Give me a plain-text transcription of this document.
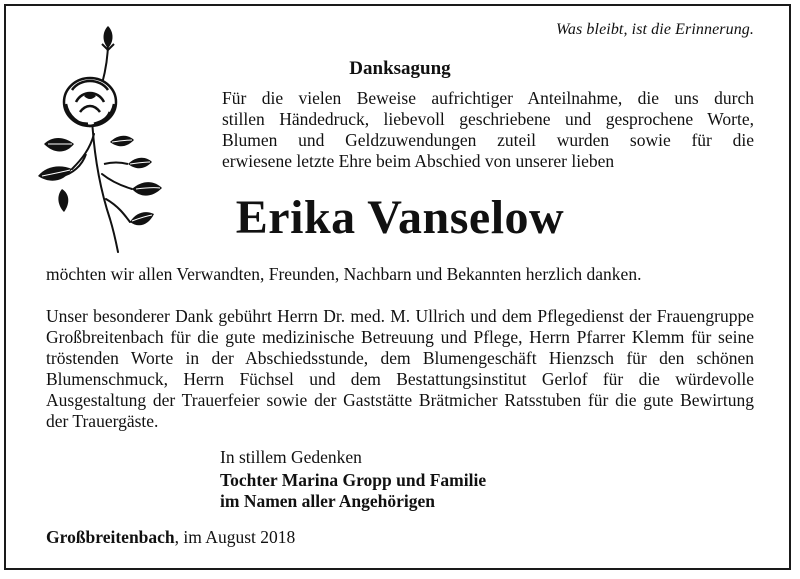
Was bleibt, ist die Erinnerung.
Danksagung

Für die vielen Beweise aufrichtiger Anteilnahme, die uns durch

stillen Händedruck, liebevoll geschriebene und gesprochene Worte,

Blumen und Geldzuwendungen zuteil wurden sowie für die

erwiesene letzte Ehre beim Abschied von unserer lieben

Erika Vanselow

möchten wir allen Verwandten, Freunden, Nachbarn und Bekannten herzlich danken.

Unser besonderer Dank gebührt Herrn Dr. med. M. Ullrich und dem Pflegedienst der Frauengruppe Großbreitenbach für die gute medizinische Betreuung und Pflege, Herrn Pfarrer Klemm für seine tröstenden Worte in der Abschiedsstunde, dem Blumengeschäft Hienzsch für den schönen Blumenschmuck, Herrn Füchsel und dem Bestattungsinstitut Gerlof für die würdevolle Ausgestaltung der Trauerfeier sowie der Gaststätte Brätmicher Ratsstuben für die gute Bewirtung der Trauergäste.

In stillem Gedenken
Tochter Marina Gropp und Familie
im Namen aller Angehörigen
Großbreitenbach, im August 2018
